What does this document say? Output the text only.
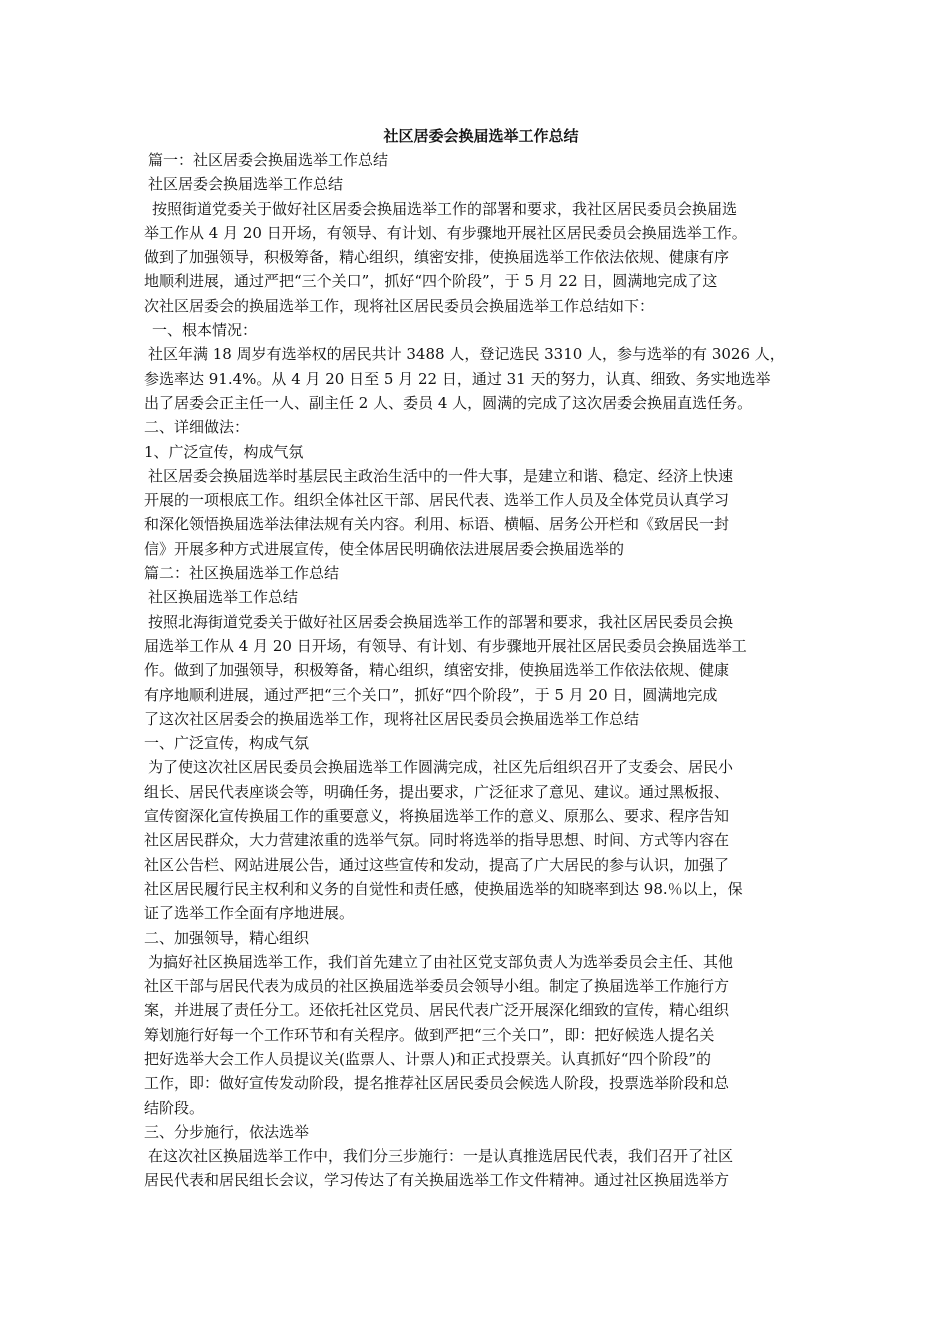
社区居委会换届选举工作总结
篇一：社区居委会换届选举工作总结
社区居委会换届选举工作总结
按照街道党委关于做好社区居委会换届选举工作的部署和要求，我社区居民委员会换届选
举工作从 4 月 20 日开场，有领导、有计划、有步骤地开展社区居民委员会换届选举工作。
做到了加强领导，积极筹备，精心组织，缜密安排，使换届选举工作依法依规、健康有序
地顺利进展，通过严把“三个关口”，抓好“四个阶段”，于 5 月 22 日，圆满地完成了这
次社区居委会的换届选举工作，现将社区居民委员会换届选举工作总结如下：
一、根本情况：
社区年满 18 周岁有选举权的居民共计 3488 人，登记选民 3310 人，参与选举的有 3026 人，
参选率达 91.4%。从 4 月 20 日至 5 月 22 日，通过 31 天的努力，认真、细致、务实地选举
出了居委会正主任一人、副主任 2 人、委员 4 人，圆满的完成了这次居委会换届直选任务。
二、详细做法：
1、广泛宣传，构成气氛
社区居委会换届选举时基层民主政治生活中的一件大事，是建立和谐、稳定、经济上快速
开展的一项根底工作。组织全体社区干部、居民代表、选举工作人员及全体党员认真学习
和深化领悟换届选举法律法规有关内容。利用、标语、横幅、居务公开栏和《致居民一封
信》开展多种方式进展宣传，使全体居民明确依法进展居委会换届选举的
篇二：社区换届选举工作总结
社区换届选举工作总结
按照北海街道党委关于做好社区居委会换届选举工作的部署和要求，我社区居民委员会换
届选举工作从 4 月 20 日开场，有领导、有计划、有步骤地开展社区居民委员会换届选举工
作。做到了加强领导，积极筹备，精心组织，缜密安排，使换届选举工作依法依规、健康
有序地顺利进展，通过严把“三个关口”，抓好“四个阶段”，于 5 月 20 日，圆满地完成
了这次社区居委会的换届选举工作，现将社区居民委员会换届选举工作总结
一、广泛宣传，构成气氛
为了使这次社区居民委员会换届选举工作圆满完成，社区先后组织召开了支委会、居民小
组长、居民代表座谈会等，明确任务，提出要求，广泛征求了意见、建议。通过黑板报、
宣传窗深化宣传换届工作的重要意义，将换届选举工作的意义、原那么、要求、程序告知
社区居民群众，大力营建浓重的选举气氛。同时将选举的指导思想、时间、方式等内容在
社区公告栏、网站进展公告，通过这些宣传和发动，提高了广大居民的参与认识，加强了
社区居民履行民主权利和义务的自觉性和责任感，使换届选举的知晓率到达 98.％以上，保
证了选举工作全面有序地进展。
二、加强领导，精心组织
为搞好社区换届选举工作，我们首先建立了由社区党支部负责人为选举委员会主任、其他
社区干部与居民代表为成员的社区换届选举委员会领导小组。制定了换届选举工作施行方
案，并进展了责任分工。还依托社区党员、居民代表广泛开展深化细致的宣传，精心组织
筹划施行好每一个工作环节和有关程序。做到严把“三个关口”，即：把好候选人提名关
把好选举大会工作人员提议关(监票人、计票人)和正式投票关。认真抓好“四个阶段”的
工作，即：做好宣传发动阶段，提名推荐社区居民委员会候选人阶段，投票选举阶段和总
结阶段。
三、分步施行，依法选举
在这次社区换届选举工作中，我们分三步施行：一是认真推选居民代表，我们召开了社区
居民代表和居民组长会议，学习传达了有关换届选举工作文件精神。通过社区换届选举方
